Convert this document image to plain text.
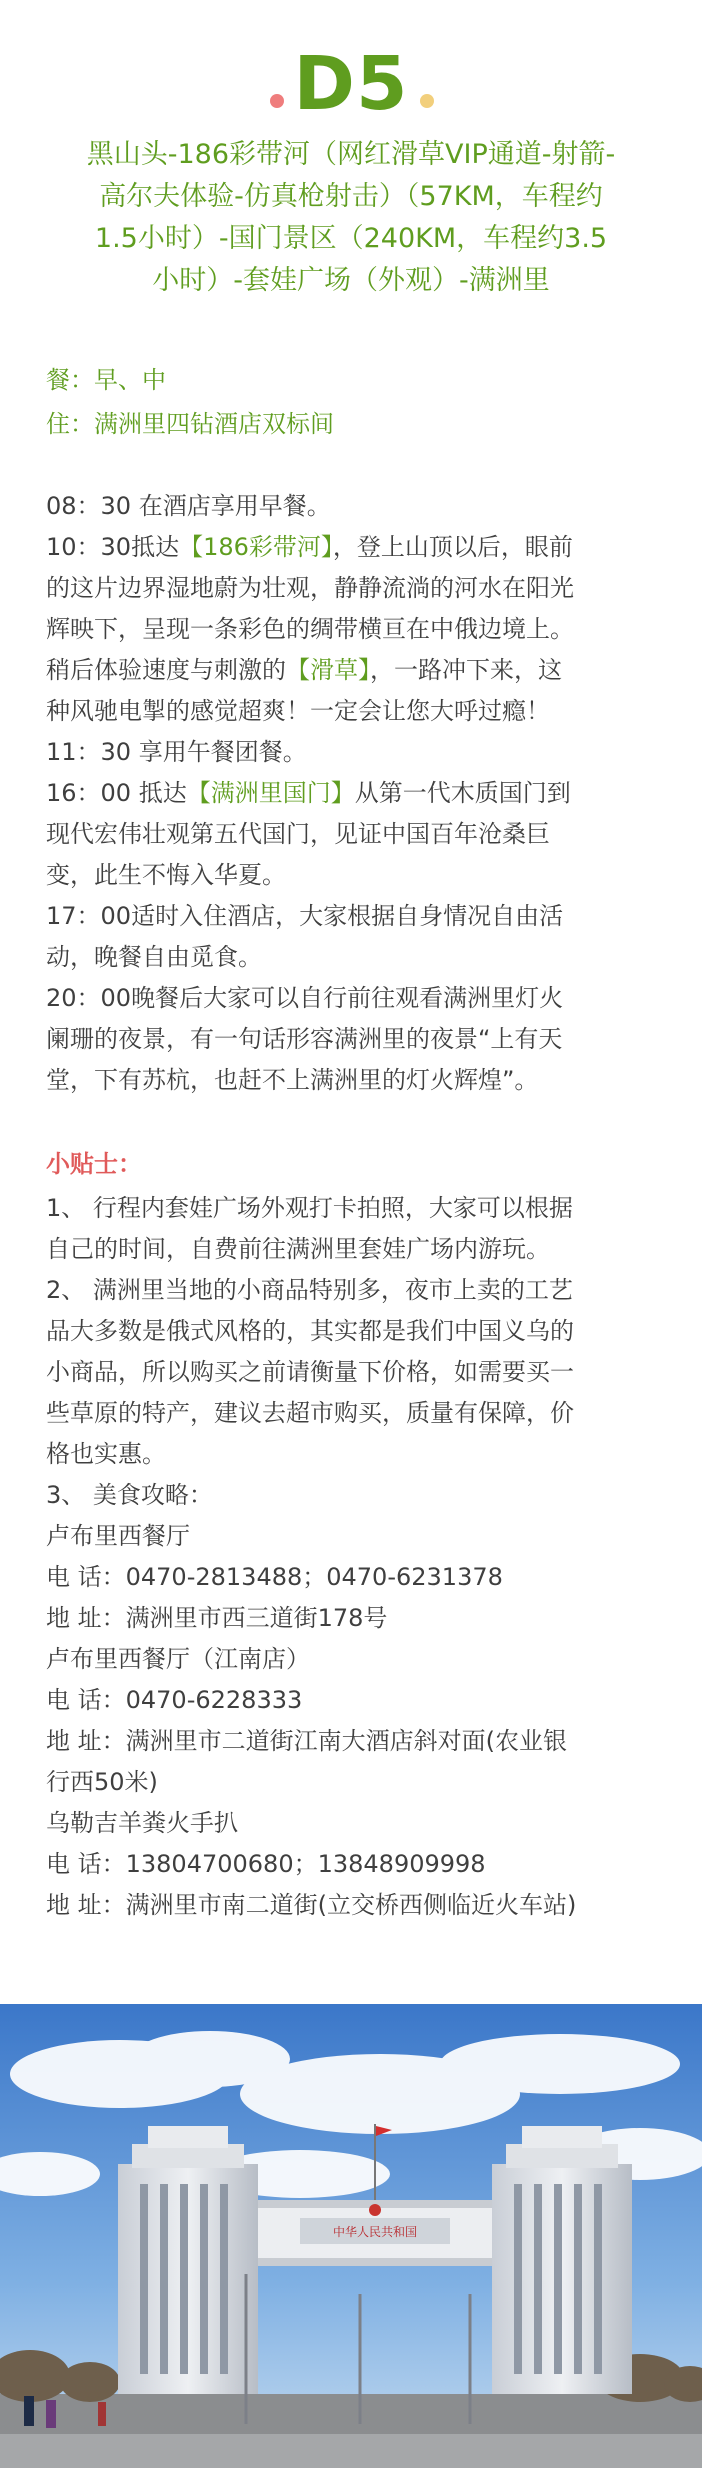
D5
黑山头-186彩带河（网红滑草VIP通道-射箭-
高尔夫体验-仿真枪射击）（57KM，车程约
1.5小时）-国门景区（240KM，车程约3.5
小时）-套娃广场（外观）-满洲里
餐：早、中
住：满洲里四钻酒店双标间
08：30 在酒店享用早餐。
10：30抵达【186彩带河】，登上山顶以后，眼前
的这片边界湿地蔚为壮观，静静流淌的河水在阳光
辉映下，呈现一条彩色的绸带横亘在中俄边境上。
稍后体验速度与刺激的【滑草】，一路冲下来，这
种风驰电掣的感觉超爽！一定会让您大呼过瘾！
11：30 享用午餐团餐。
16：00 抵达【满洲里国门】从第一代木质国门到
现代宏伟壮观第五代国门，见证中国百年沧桑巨
变，此生不悔入华夏。
17：00适时入住酒店，大家根据自身情况自由活
动，晚餐自由觅食。
20：00晚餐后大家可以自行前往观看满洲里灯火
阑珊的夜景，有一句话形容满洲里的夜景“上有天
堂，下有苏杭，也赶不上满洲里的灯火辉煌”。
小贴士：
1、 行程内套娃广场外观打卡拍照，大家可以根据
自己的时间，自费前往满洲里套娃广场内游玩。
2、 满洲里当地的小商品特别多，夜市上卖的工艺
品大多数是俄式风格的，其实都是我们中国义乌的
小商品，所以购买之前请衡量下价格，如需要买一
些草原的特产，建议去超市购买，质量有保障，价
格也实惠。
3、 美食攻略：
卢布里西餐厅
电 话：0470-2813488；0470-6231378
地 址：满洲里市西三道街178号
卢布里西餐厅（江南店）
电 话：0470-6228333
地 址：满洲里市二道街江南大酒店斜对面(农业银
行西50米)
乌勒吉羊粪火手扒
电 话：13804700680；13848909998
地 址：满洲里市南二道街(立交桥西侧临近火车站)
中华人民共和国
